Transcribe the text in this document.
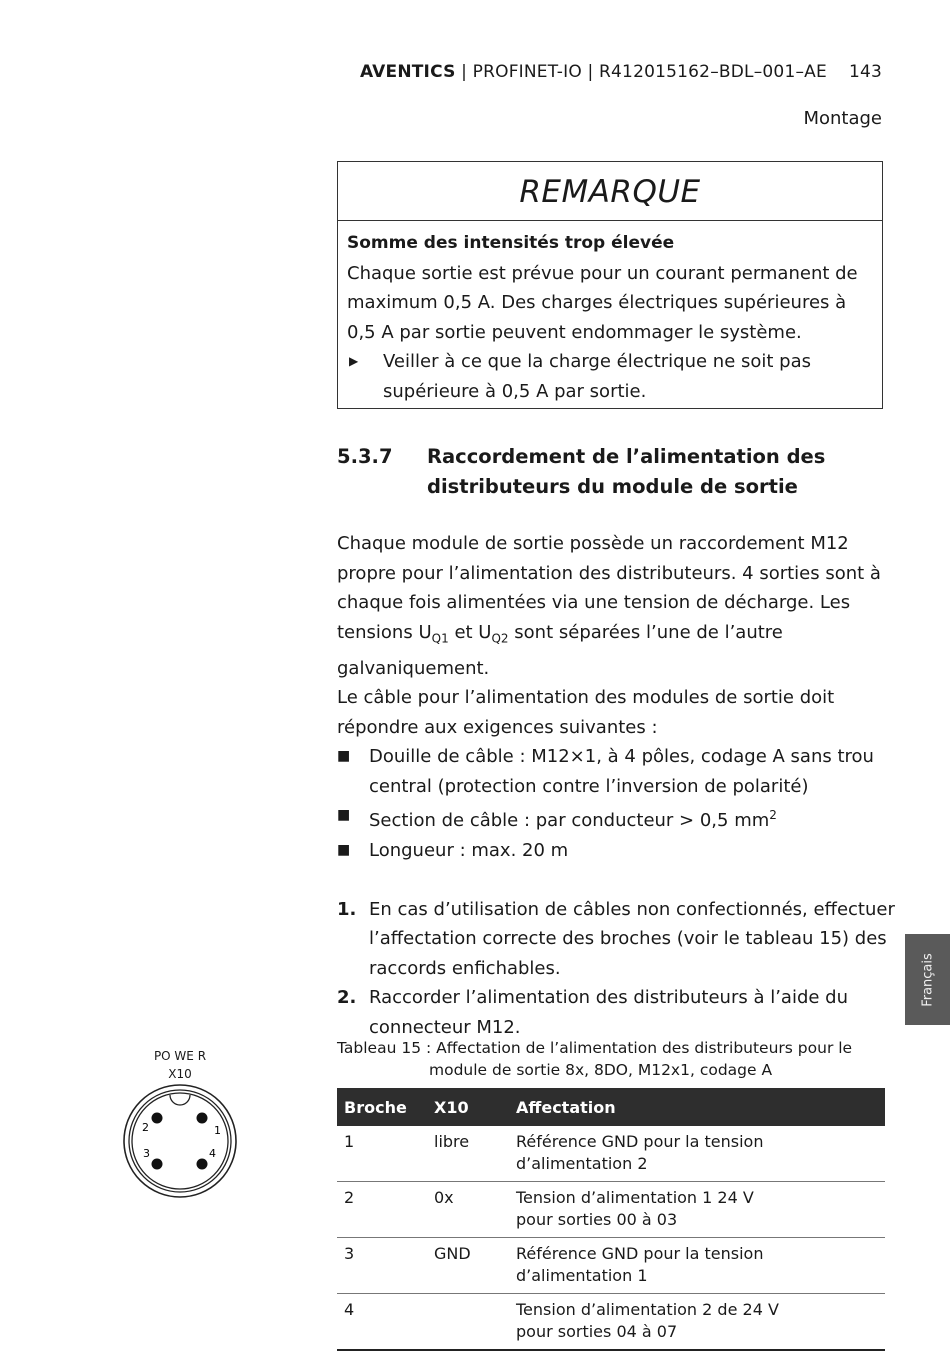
AVENTICS | PROFINET-IO | R412015162–BDL–001–AE 143
Montage
REMARQUE
Somme des intensités trop élevée
Chaque sortie est prévue pour un courant permanent de maximum 0,5 A. Des charges électriques supérieures à 0,5 A par sortie peuvent endommager le système.
▶	Veiller à ce que la charge électrique ne soit pas supérieure à 0,5 A par sortie.
5.3.7 Raccordement de l’alimentation des distributeurs du module de sortie

Chaque module de sortie possède un raccordement M12 propre pour l’alimentation des distributeurs. 4 sorties sont à chaque fois alimentées via une tension de décharge. Les tensions $U_{Q1}$ et $U_{Q2}$ sont séparées l’une de l’autre galvaniquement.

Le câble pour l’alimentation des modules de sortie doit répondre aux exigences suivantes :

■	Douille de câble : M12×1, à 4 pôles, codage A sans trou central (protection contre l’inversion de polarité)
■	Section de câble : par conducteur > 0,5 $mm^2$
■	Longueur : max. 20 m
1. En cas d’utilisation de câbles non confectionnés, effectuer l’affectation correcte des broches (voir le tableau 15) des raccords enfichables.
2. Raccorder l’alimentation des distributeurs à l’aide du connecteur M12.
Français
PO WE R
X10
1
2
3	4
Tableau 15 : Affectation de l’alimentation des distributeurs pour le
module de sortie 8x, 8DO, M12x1, codage A
Broche	X10	Affectation
1	libre	Référence GND pour la tension d’alimentation 2

2	0x	Tension d’alimentation 1 24 V
pour sorties 00 à 03

3	GND	Référence GND pour la tension d’alimentation 1

4		Tension d’alimentation 2 de 24 V
pour sorties 04 à 07
